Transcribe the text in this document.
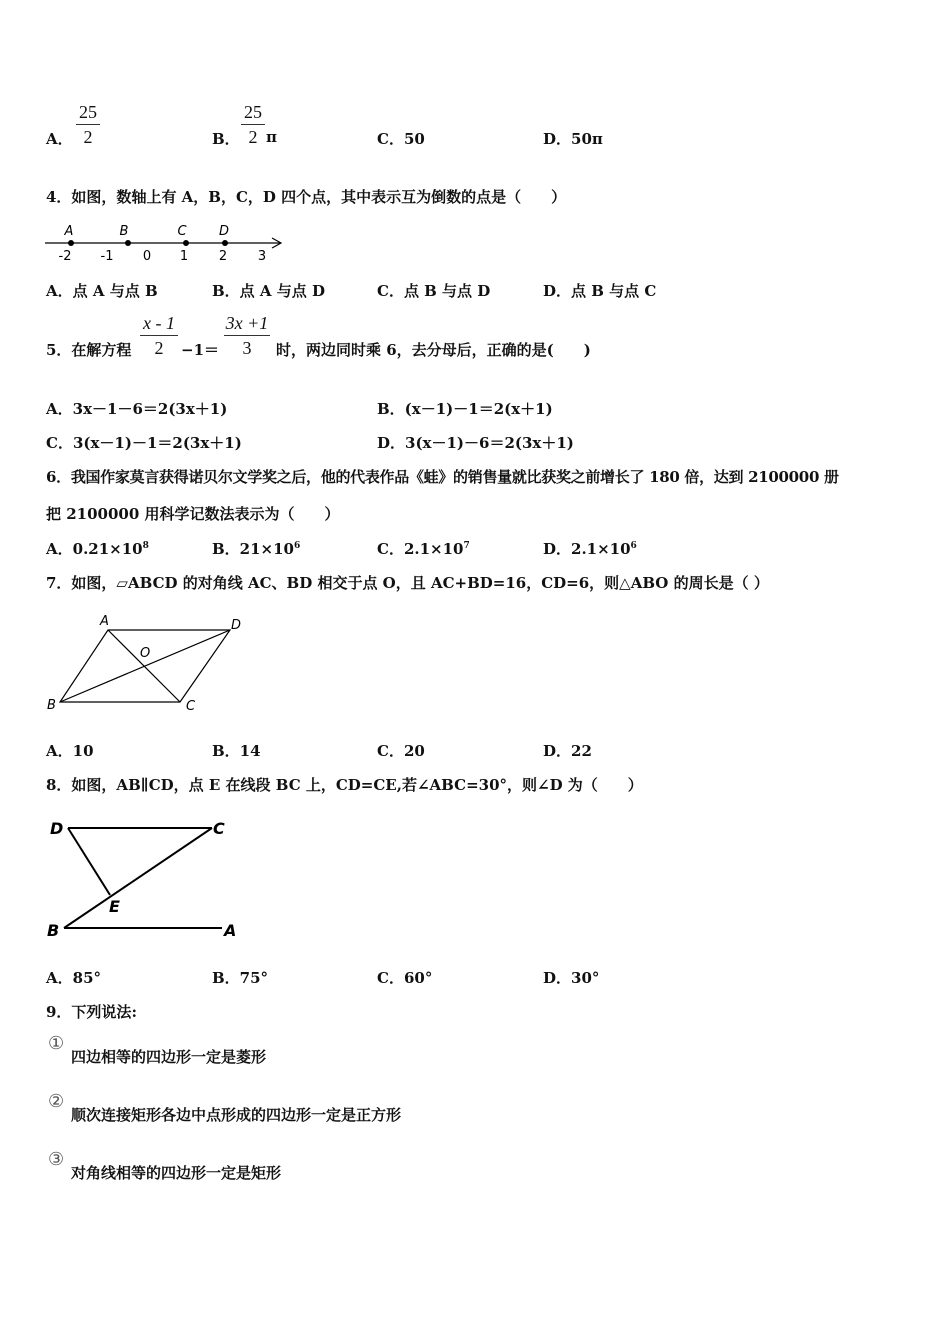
A．
25
2	B．
25
2 π	C．50	D．50π
4．如图，数轴上有 A，B，C，D 四个点，其中表示互为倒数的点是（　　）
-2 -1 0 1 2 3
A	B	C D
A．点 A 与点 B	B．点 A 与点 D	C．点 B 与点 D	D．点 B 与点 C
5．在解方程
x - 1
2	−1＝
3x +1
3	时，两边同时乘 6，去分母后，正确的是(　　)
A．3x－1－6＝2(3x＋1)	B．(x－1)－1＝2(x＋1)
C．3(x－1)－1＝2(3x＋1)	D．3(x－1)－6＝2(3x＋1)
6．我国作家莫言获得诺贝尔文学奖之后，他的代表作品《蛙》的销售量就比获奖之前增长了 180 倍，达到 2100000 册
把 2100000 用科学记数法表示为（　　）
A．$0.21\times 10^8$	B．$21\times 10^6$	C．$2.1\times 10^7$	D．$2.1\times 10^6$
7．如图，▱ABCD 的对角线 AC、BD 相交于点 O，且 AC+BD=16，CD=6，则△ABO 的周长是（ ）
A	D
B	C
O
A．10	B．14	C．20	D．22
8．如图，AB∥CD，点 E 在线段 BC 上，CD=CE,若∠ABC=30°，则∠D 为（　　）
D	C
E
B	A
A．85°	B．75°	C．60°	D．30°
9．下列说法:
①
四边相等的四边形一定是菱形
②
顺次连接矩形各边中点形成的四边形一定是正方形
③
对角线相等的四边形一定是矩形
